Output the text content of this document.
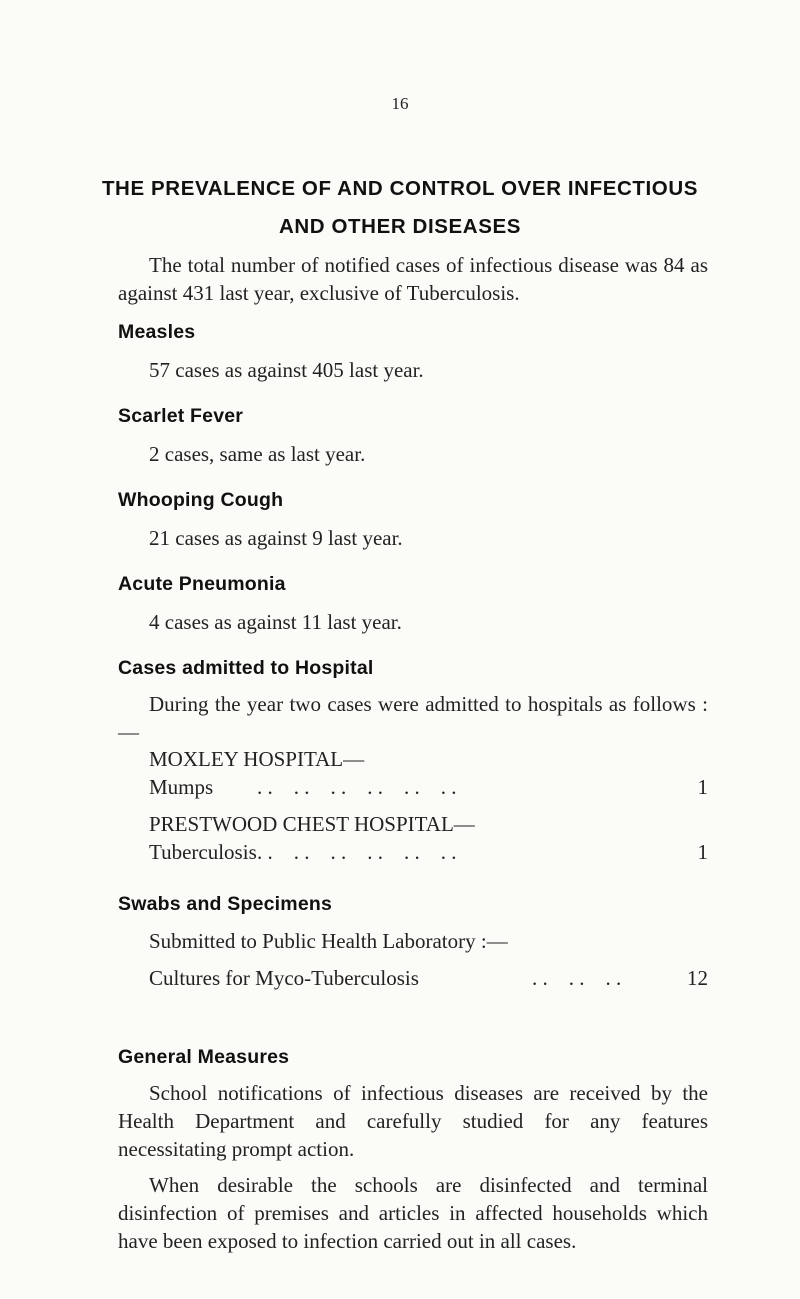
16
THE PREVALENCE OF AND CONTROL OVER INFECTIOUS
AND OTHER DISEASES

The total number of notified cases of infectious disease was 84 as against 431 last year, exclusive of Tuberculosis.

Measles
57 cases as against 405 last year.
Scarlet Fever
2 cases, same as last year.
Whooping Cough
21 cases as against 9 last year.
Acute Pneumonia
4 cases as against 11 last year.
Cases admitted to Hospital

During the year two cases were admitted to hospitals as follows :—

MOXLEY HOSPITAL—
Mumps . .    . .    . .    . .    . .    . .	1
PRESTWOOD CHEST HOSPITAL—
Tuberculosis . .    . .    . .    . .    . .    . .	1
Swabs and Specimens
Submitted to Public Health Laboratory :—
Cultures for Myco-Tuberculosis	. .    . .    . .	12
General Measures

School notifications of infectious diseases are received by the Health Department and carefully studied for any features necessitating prompt action.

When desirable the schools are disinfected and terminal disinfection of premises and articles in affected households which have been exposed to infection carried out in all cases.
